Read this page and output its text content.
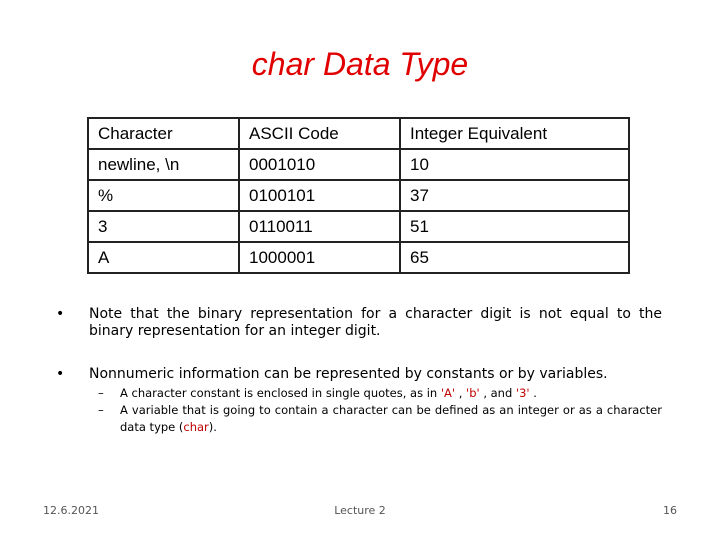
char Data Type
Character	ASCII Code	Integer Equivalent
newline, \n	0001010	10
%	0100101	37
3	0110011	51
A	1000001	65
• Note that the binary representation for a character digit is not equal to the binary representation for an integer digit.
• Nonnumeric information can be represented by constants or by variables.
– A character constant is enclosed in single quotes, as in 'A' , 'b' , and '3' .
– A variable that is going to contain a character can be defined as an integer or as a character data type (char).
12.6.2021	Lecture 2	16
